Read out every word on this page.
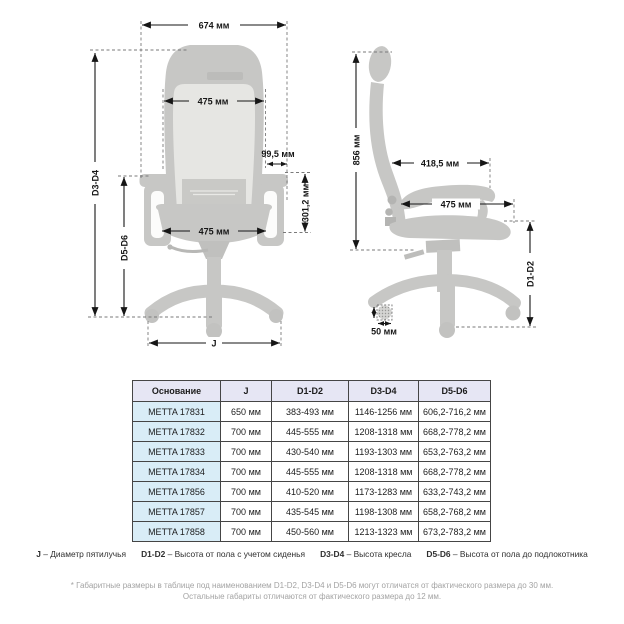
674 мм
D3-D4
D5-D6
475 мм
99,5 мм
301,2 мм
475 мм
J
856 мм	418,5 мм
475 мм
D1-D2
50 мм
Основание	J	D1-D2	D3-D4	D5-D6
METTA 17831	650 мм	383-493 мм	1146-1256 мм	606,2-716,2 мм
METTA 17832	700 мм	445-555 мм	1208-1318 мм	668,2-778,2 мм
METTA 17833	700 мм	430-540 мм	1193-1303 мм	653,2-763,2 мм
METTA 17834	700 мм	445-555 мм	1208-1318 мм	668,2-778,2 мм
METTA 17856	700 мм	410-520 мм	1173-1283 мм	633,2-743,2 мм
METTA 17857	700 мм	435-545 мм	1198-1308 мм	658,2-768,2 мм
METTA 17858	700 мм	450-560 мм	1213-1323 мм	673,2-783,2 мм
J – Диаметр пятилучья D1-D2 – Высота от пола с учетом сиденья D3-D4 – Высота кресла D5-D6 – Высота от пола до подлокотника
* Габаритные размеры в таблице под наименованием D1-D2, D3-D4 и D5-D6 могут отличатся от фактического размера до 30 мм.
Остальные габариты отличаются от фактического размера до 12 мм.
